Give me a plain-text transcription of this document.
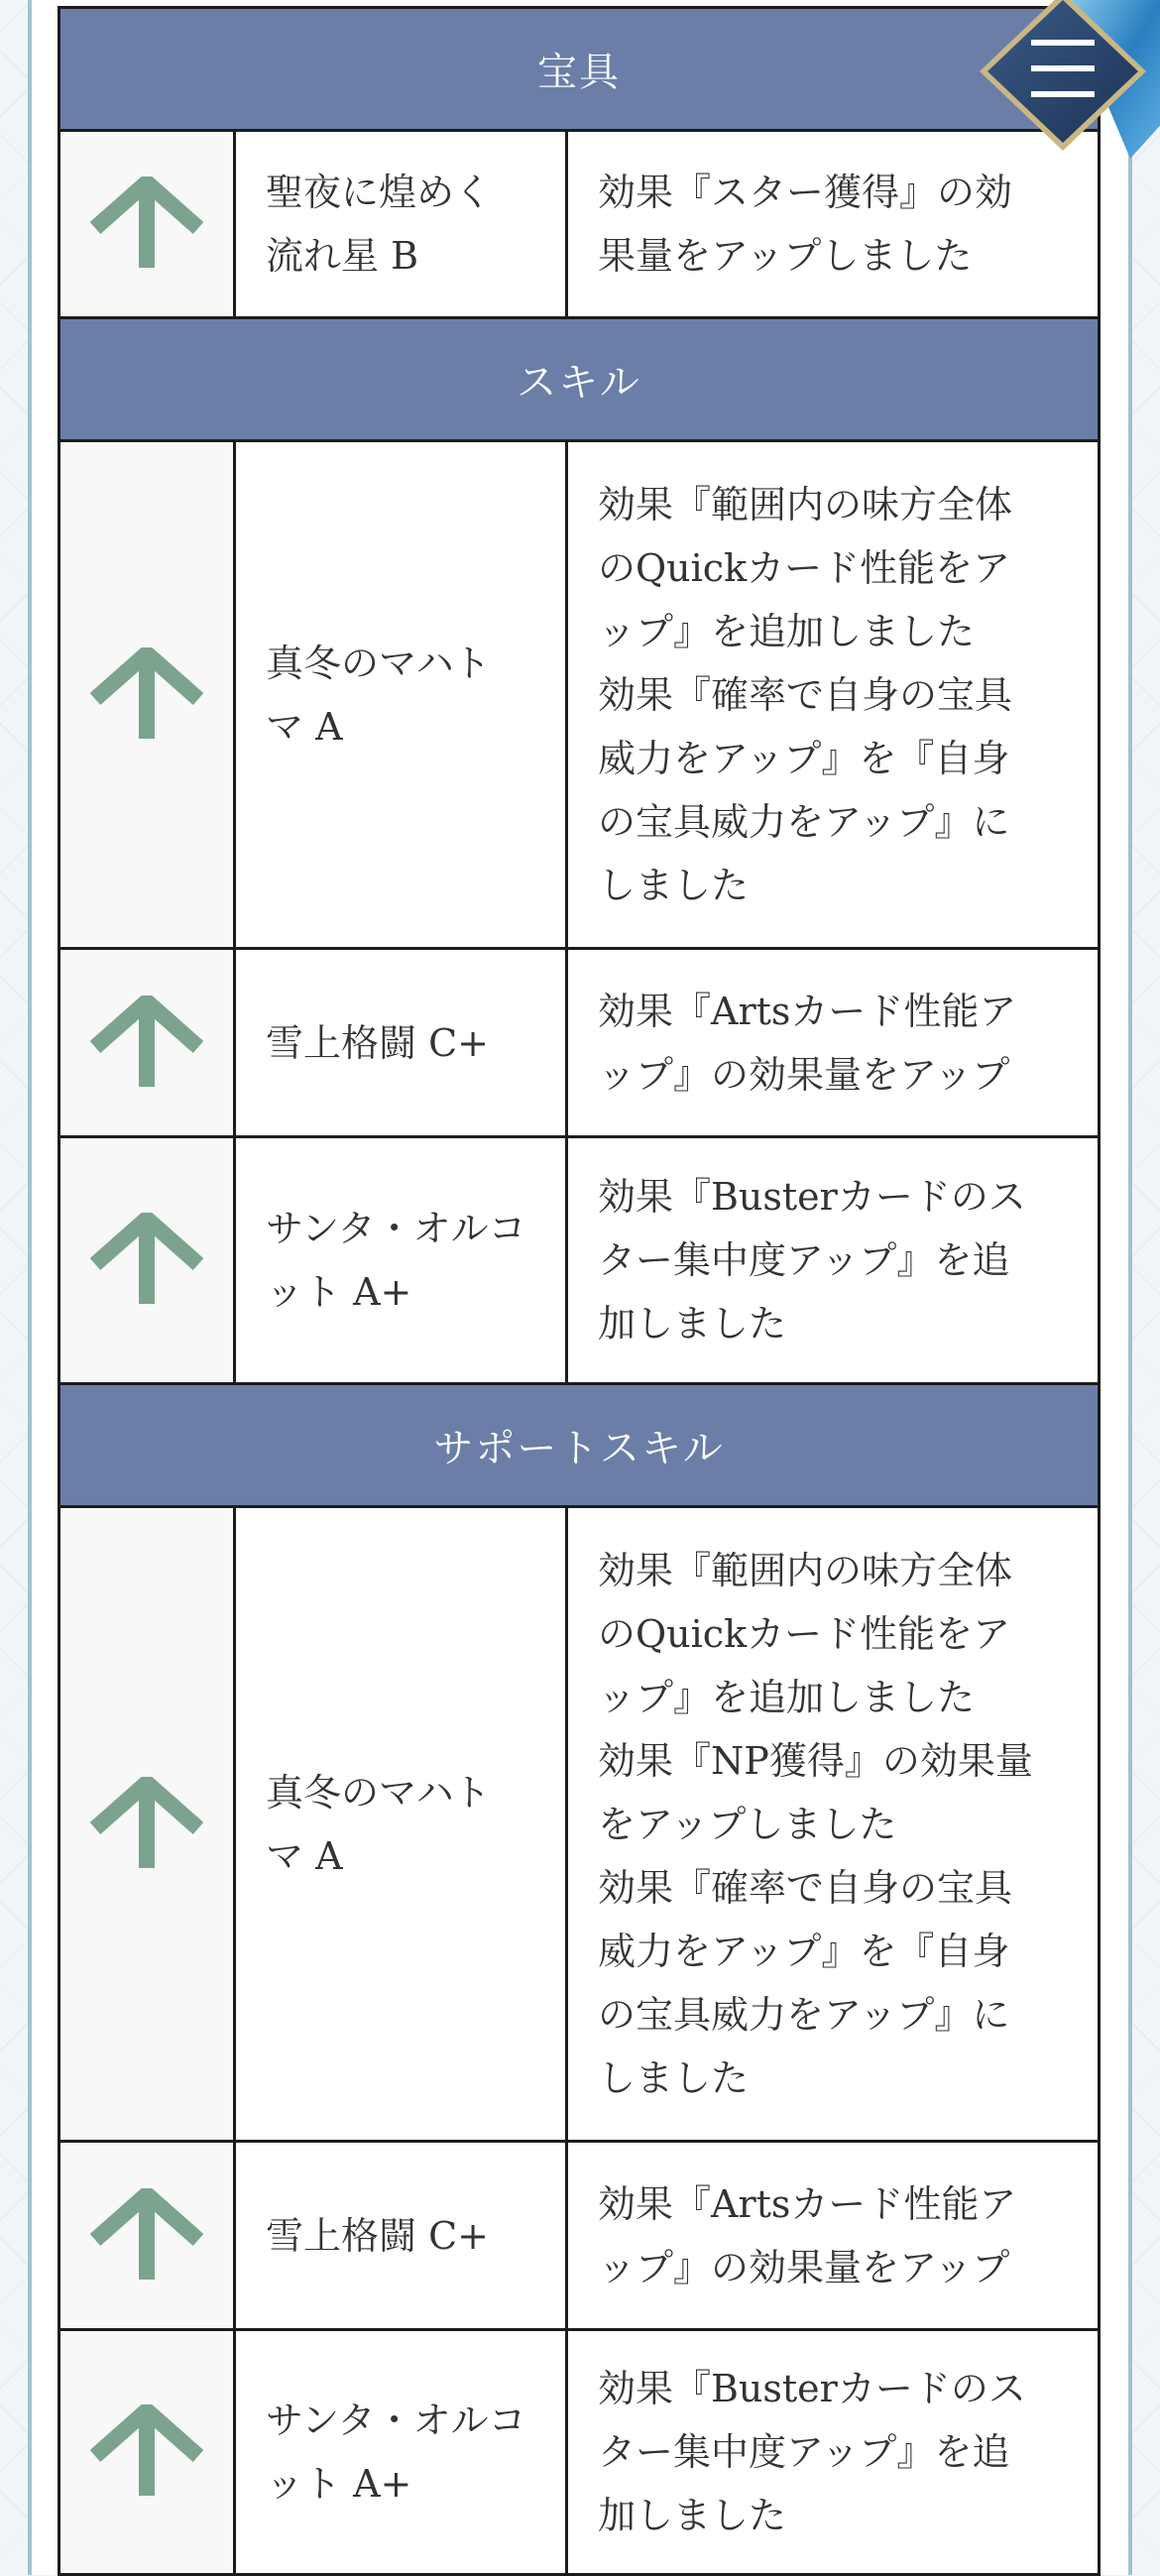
宝具
聖夜に煌めく
流れ星 B
効果『スター獲得』の効
果量をアップしました
スキル
真冬のマハト
マ A
効果『範囲内の味方全体
のQuickカード性能をア
ップ』を追加しました
効果『確率で自身の宝具
威力をアップ』を『自身
の宝具威力をアップ』に
しました
雪上格闘 C+
効果『Artsカード性能ア
ップ』の効果量をアップ
サンタ・オルコ
ット A+
効果『Busterカードのス
ター集中度アップ』を追
加しました
サポートスキル
真冬のマハト
マ A
効果『範囲内の味方全体
のQuickカード性能をア
ップ』を追加しました
効果『NP獲得』の効果量
をアップしました
効果『確率で自身の宝具
威力をアップ』を『自身
の宝具威力をアップ』に
しました
雪上格闘 C+
効果『Artsカード性能ア
ップ』の効果量をアップ
サンタ・オルコ
ット A+
効果『Busterカードのス
ター集中度アップ』を追
加しました
